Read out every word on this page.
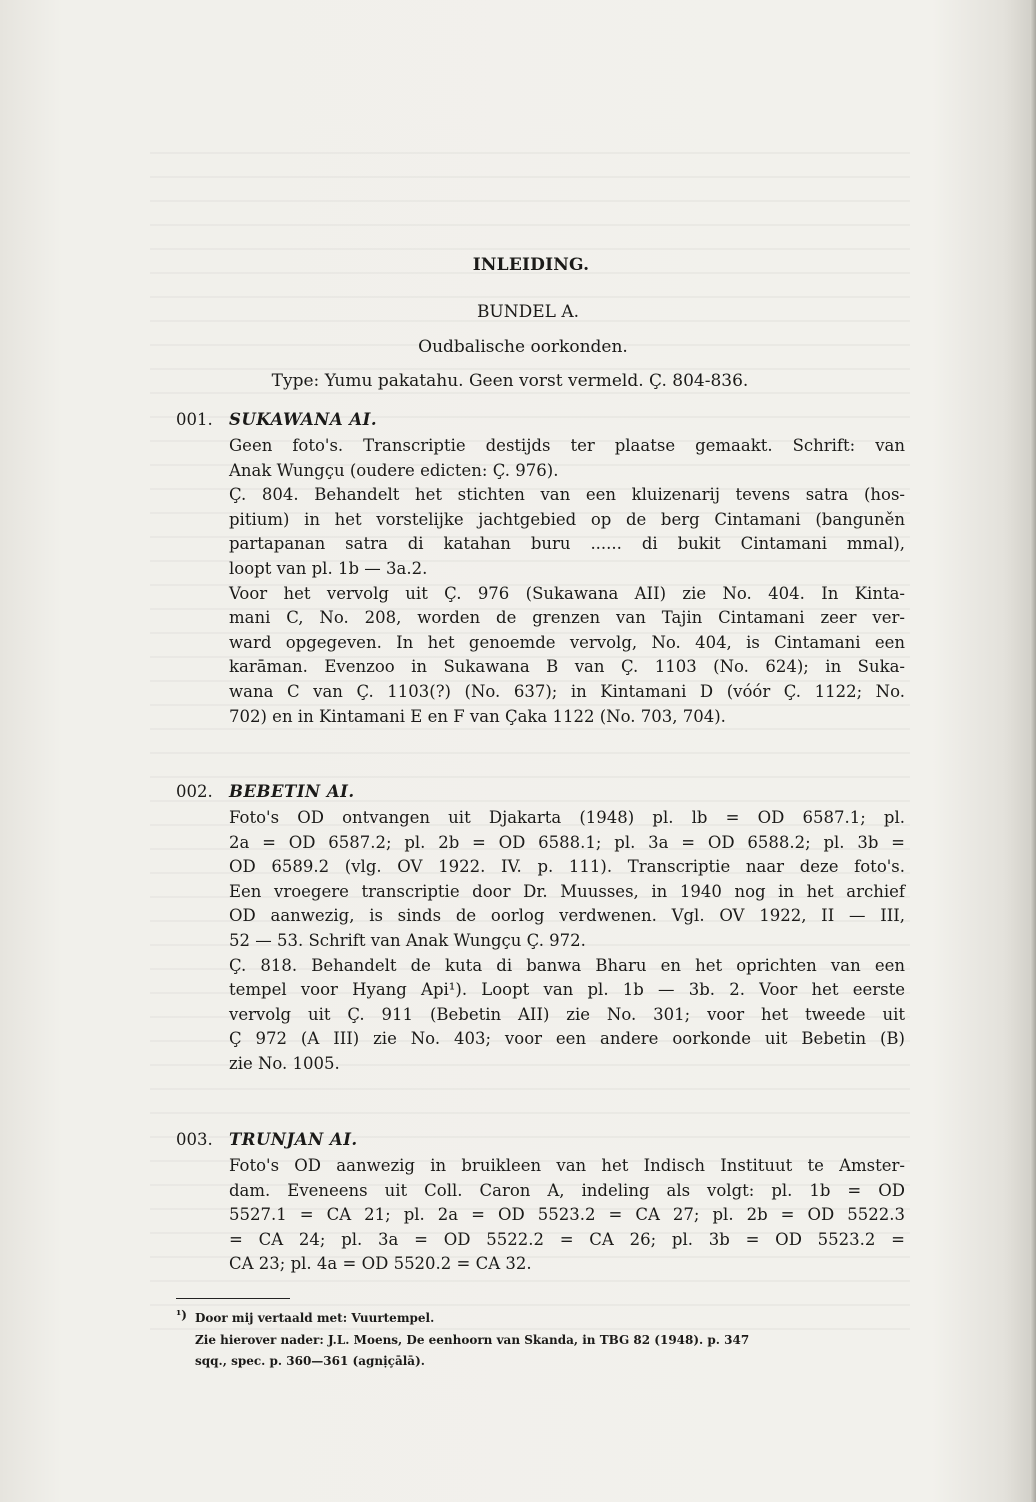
INLEIDING.
BUNDEL A.
Oudbalische oorkonden.
Type: Yumu pakatahu. Geen vorst vermeld. Ç. 804-836.
001. SUKAWANA AI.
Geen foto's. Transcriptie destijds ter plaatse gemaakt. Schrift: van
Anak Wungçu (oudere edicten: Ç. 976).
Ç. 804. Behandelt het stichten van een kluizenarij tevens satra (hos-
pitium) in het vorstelijke jachtgebied op de berg Cintamani (banguněn
partapanan satra di katahan buru ...... di bukit Cintamani mmal),
loopt van pl. 1b — 3a.2.
Voor het vervolg uit Ç. 976 (Sukawana AII) zie No. 404. In Kinta-
mani C, No. 208, worden de grenzen van Tajin Cintamani zeer ver-
ward opgegeven. In het genoemde vervolg, No. 404, is Cintamani een
karāman. Evenzoo in Sukawana B van Ç. 1103 (No. 624); in Suka-
wana C van Ç. 1103(?) (No. 637); in Kintamani D (vóór Ç. 1122; No.
702) en in Kintamani E en F van Çaka 1122 (No. 703, 704).
002. BEBETIN AI.
Foto's OD ontvangen uit Djakarta (1948) pl. lb = OD 6587.1; pl.
2a = OD 6587.2; pl. 2b = OD 6588.1; pl. 3a = OD 6588.2; pl. 3b =
OD 6589.2 (vlg. OV 1922. IV. p. 111). Transcriptie naar deze foto's.
Een vroegere transcriptie door Dr. Muusses, in 1940 nog in het archief
OD aanwezig, is sinds de oorlog verdwenen. Vgl. OV 1922, II — III,
52 — 53. Schrift van Anak Wungçu Ç. 972.
Ç. 818. Behandelt de kuta di banwa Bharu en het oprichten van een
tempel voor Hyang Api¹). Loopt van pl. 1b — 3b. 2. Voor het eerste
vervolg uit Ç. 911 (Bebetin AII) zie No. 301; voor het tweede uit
Ç 972 (A III) zie No. 403; voor een andere oorkonde uit Bebetin (B)
zie No. 1005.
003. TRUNJAN AI.
Foto's OD aanwezig in bruikleen van het Indisch Instituut te Amster-
dam. Eveneens uit Coll. Caron A, indeling als volgt: pl. 1b = OD
5527.1 = CA 21; pl. 2a = OD 5523.2 = CA 27; pl. 2b = OD 5522.3
= CA 24; pl. 3a = OD 5522.2 = CA 26; pl. 3b = OD 5523.2 =
CA 23; pl. 4a = OD 5520.2 = CA 32.
¹) Door mij vertaald met: Vuurtempel.
Zie hierover nader: J.L. Moens, De eenhoorn van Skanda, in TBG 82 (1948). p. 347
sqq., spec. p. 360—361 (agnịçālā).
